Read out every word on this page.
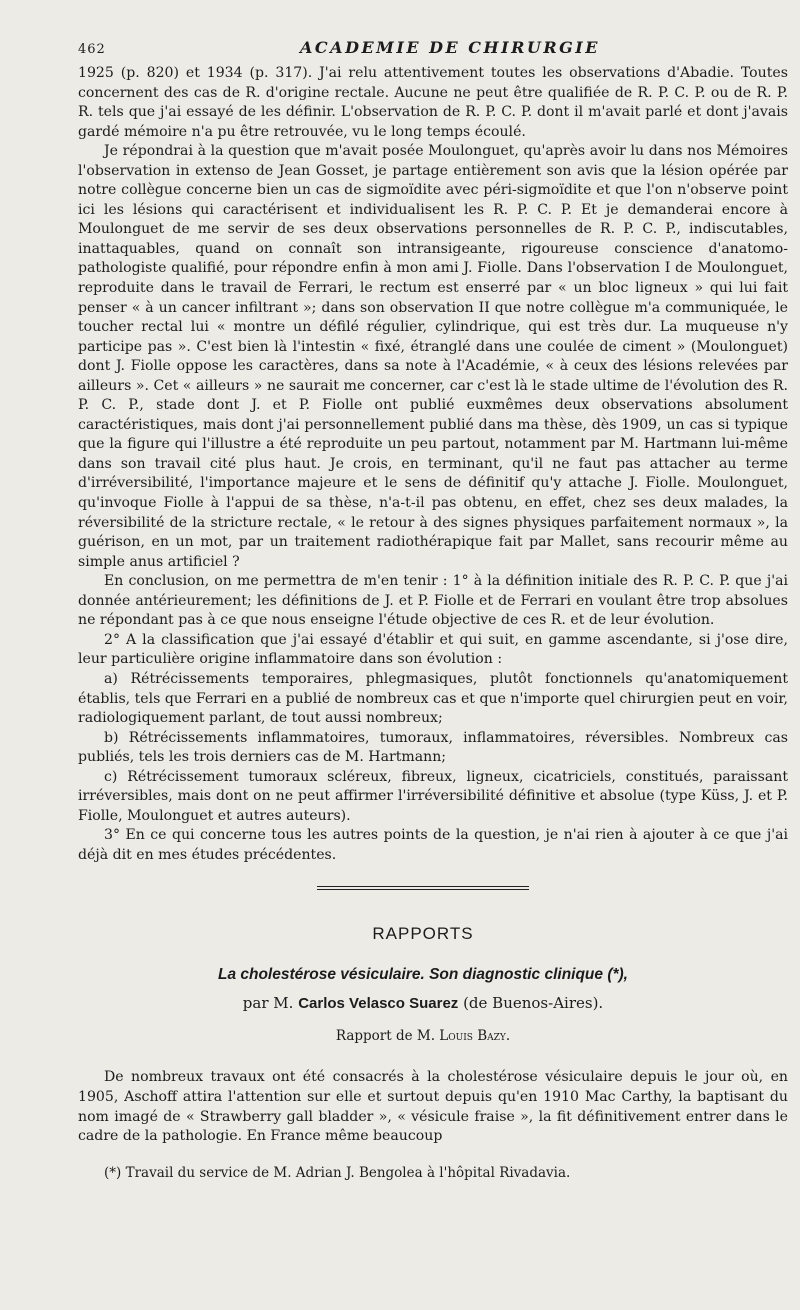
462	ACADEMIE DE CHIRURGIE

1925 (p. 820) et 1934 (p. 317). J'ai relu attentivement toutes les observations d'Abadie. Toutes concernent des cas de R. d'origine rectale. Aucune ne peut être qualifiée de R. P. C. P. ou de R. P. R. tels que j'ai essayé de les définir. L'observation de R. P. C. P. dont il m'avait parlé et dont j'avais gardé mémoire n'a pu être retrouvée, vu le long temps écoulé.

Je répondrai à la question que m'avait posée Moulonguet, qu'après avoir lu dans nos Mémoires l'observation in extenso de Jean Gosset, je partage entièrement son avis que la lésion opérée par notre collègue concerne bien un cas de sigmoïdite avec péri-sigmoïdite et que l'on n'observe point ici les lésions qui caractérisent et individualisent les R. P. C. P. Et je demanderai encore à Moulonguet de me servir de ses deux observations personnelles de R. P. C. P., indiscutables, inattaquables, quand on connaît son intransigeante, rigoureuse conscience d'anatomo-pathologiste qualifié, pour répondre enfin à mon ami J. Fiolle. Dans l'observation I de Moulonguet, reproduite dans le travail de Ferrari, le rectum est enserré par « un bloc ligneux » qui lui fait penser « à un cancer infiltrant »; dans son observation II que notre collègue m'a communiquée, le toucher rectal lui « montre un défilé régulier, cylindrique, qui est très dur. La muqueuse n'y participe pas ». C'est bien là l'intestin « fixé, étranglé dans une coulée de ciment » (Moulonguet) dont J. Fiolle oppose les caractères, dans sa note à l'Académie, « à ceux des lésions relevées par ailleurs ». Cet « ailleurs » ne saurait me concerner, car c'est là le stade ultime de l'évolution des R. P. C. P., stade dont J. et P. Fiolle ont publié euxmêmes deux observations absolument caractéristiques, mais dont j'ai personnellement publié dans ma thèse, dès 1909, un cas si typique que la figure qui l'illustre a été reproduite un peu partout, notamment par M. Hartmann lui-même dans son travail cité plus haut. Je crois, en terminant, qu'il ne faut pas attacher au terme d'irréversibilité, l'importance majeure et le sens de définitif qu'y attache J. Fiolle. Moulonguet, qu'invoque Fiolle à l'appui de sa thèse, n'a-t-il pas obtenu, en effet, chez ses deux malades, la réversibilité de la stricture rectale, « le retour à des signes physiques parfaitement normaux », la guérison, en un mot, par un traitement radiothérapique fait par Mallet, sans recourir même au simple anus artificiel ?

En conclusion, on me permettra de m'en tenir : 1° à la définition initiale des R. P. C. P. que j'ai donnée antérieurement; les définitions de J. et P. Fiolle et de Ferrari en voulant être trop absolues ne répondant pas à ce que nous enseigne l'étude objective de ces R. et de leur évolution.

2° A la classification que j'ai essayé d'établir et qui suit, en gamme ascendante, si j'ose dire, leur particulière origine inflammatoire dans son évolution :

a) Rétrécissements temporaires, phlegmasiques, plutôt fonctionnels qu'anatomiquement établis, tels que Ferrari en a publié de nombreux cas et que n'importe quel chirurgien peut en voir, radiologiquement parlant, de tout aussi nombreux;

b) Rétrécissements inflammatoires, tumoraux, inflammatoires, réversibles. Nombreux cas publiés, tels les trois derniers cas de M. Hartmann;

c) Rétrécissement tumoraux scléreux, fibreux, ligneux, cicatriciels, constitués, paraissant irréversibles, mais dont on ne peut affirmer l'irréversibilité définitive et absolue (type Küss, J. et P. Fiolle, Moulonguet et autres auteurs).

3° En ce qui concerne tous les autres points de la question, je n'ai rien à ajouter à ce que j'ai déjà dit en mes études précédentes.

RAPPORTS
La cholestérose vésiculaire. Son diagnostic clinique (*),
par M. Carlos Velasco Suarez (de Buenos-Aires).
Rapport de M. Louis Bazy.

De nombreux travaux ont été consacrés à la cholestérose vésiculaire depuis le jour où, en 1905, Aschoff attira l'attention sur elle et surtout depuis qu'en 1910 Mac Carthy, la baptisant du nom imagé de « Strawberry gall bladder », « vésicule fraise », la fit définitivement entrer dans le cadre de la pathologie. En France même beaucoup

(*) Travail du service de M. Adrian J. Bengolea à l'hôpital Rivadavia.
